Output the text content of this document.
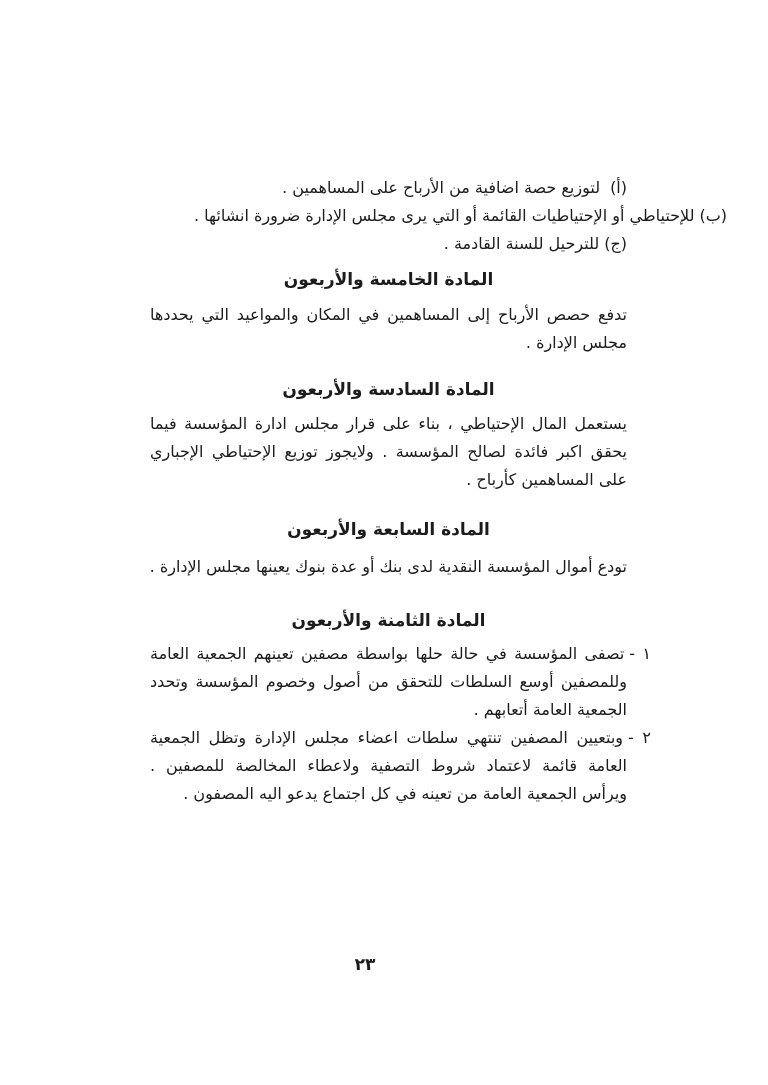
(أ)لتوزيع حصة اضافية من الأرباح على المساهمين .

(ب)للإحتياطي أو الإحتياطيات القائمة أو التي يرى مجلس الإدارة ضرورة انشائها .

(ج)للترحيل للسنة القادمة .

المادة الخامسة والأربعون

تدفع حصص الأرباح إلى المساهمين في المكان والمواعيد التي يحددها مجلس الإدارة .

المادة السادسة والأربعون

يستعمل المال الإحتياطي ، بناء على قرار مجلس ادارة المؤسسة فيما يحقق اكبر فائدة لصالح المؤسسة . ولايجوز توزيع الإحتياطي الإجباري على المساهمين كأرباح .

المادة السابعة والأربعون

تودع أموال المؤسسة النقدية لدى بنك أو عدة بنوك يعينها مجلس الإدارة .

المادة الثامنة والأربعون

١ -تصفى المؤسسة في حالة حلها بواسطة مصفين تعينهم الجمعية العامة وللمصفين أوسع السلطات للتحقق من أصول وخصوم المؤسسة وتحدد الجمعية العامة أتعابهم .

٢ -وبتعيين المصفين تنتهي سلطات اعضاء مجلس الإدارة وتظل الجمعية العامة قائمة لاعتماد شروط التصفية ولاعطاء المخالصة للمصفين . ويرأس الجمعية العامة من تعينه في كل اجتماع يدعو اليه المصفون .

٢٣
